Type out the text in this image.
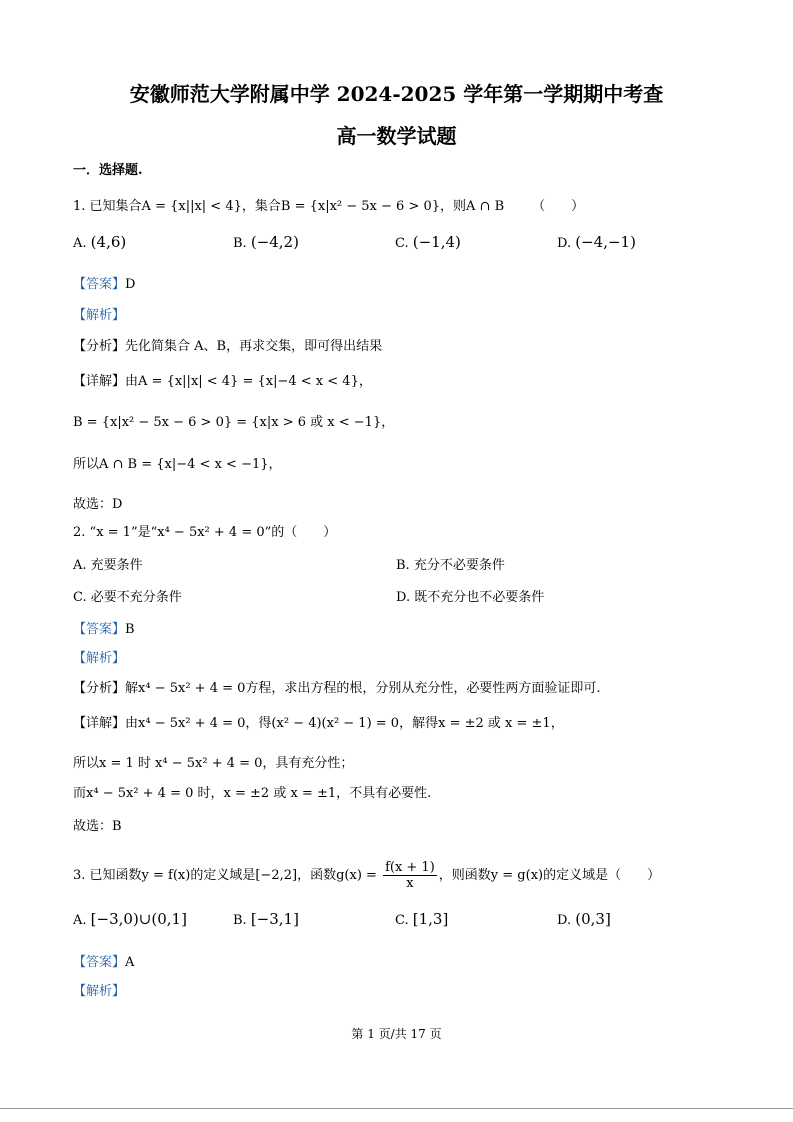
安徽师范大学附属中学 2024-2025 学年第一学期期中考查
高一数学试题
一．选择题.
1. 已知集合A = {x||x| < 4}，集合B = {x|x² − 5x − 6 > 0}，则A ∩ B （　　）
A. (4,6)	B. (−4,2)	C. (−1,4)	D. (−4,−1)
【答案】D
【解析】
【分析】先化简集合 A、B，再求交集，即可得出结果
【详解】由A = {x||x| < 4} = {x|−4 < x < 4}，
B = {x|x² − 5x − 6 > 0} = {x|x > 6 或 x < −1}，
所以A ∩ B = {x|−4 < x < −1}，
故选：D
2. “x = 1”是“x⁴ − 5x² + 4 = 0”的（　　）
A. 充要条件	B. 充分不必要条件
C. 必要不充分条件	D. 既不充分也不必要条件
【答案】B
【解析】
【分析】解x⁴ − 5x² + 4 = 0方程，求出方程的根，分别从充分性，必要性两方面验证即可.
【详解】由x⁴ − 5x² + 4 = 0，得(x² − 4)(x² − 1) = 0，解得x = ±2 或 x = ±1，
所以x = 1 时 x⁴ − 5x² + 4 = 0，具有充分性；
而x⁴ − 5x² + 4 = 0 时，x = ±2 或 x = ±1，不具有必要性.
故选：B
3. 已知函数y = f(x)的定义域是[−2,2]，函数$g(x) = \frac{f(x + 1)}{x}$ ，则函数y = g(x)的定义域是（　　）
A. [−3,0)∪(0,1]	B. [−3,1]	C. [1,3]	D. (0,3]
【答案】A
【解析】
第 1 页/共 17 页
